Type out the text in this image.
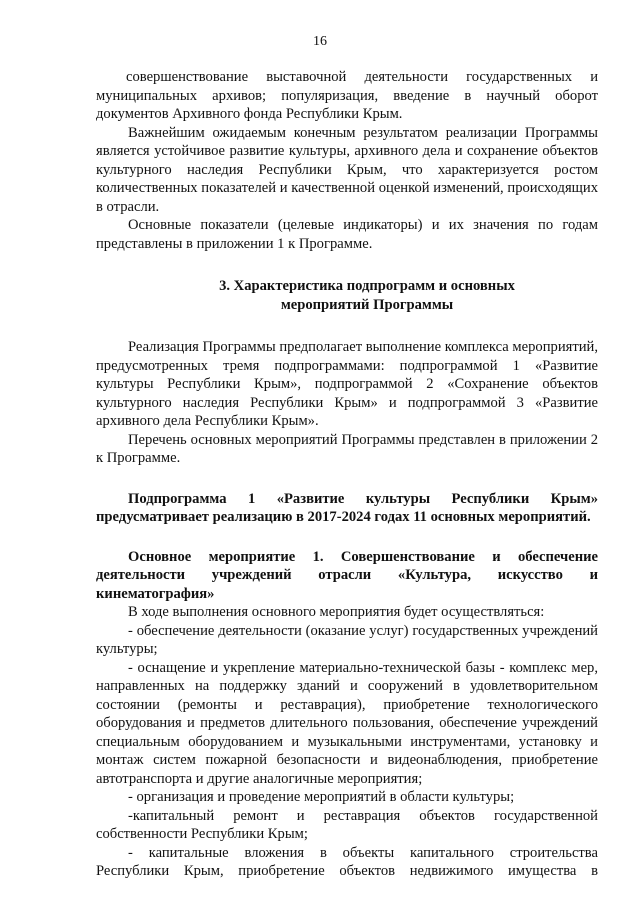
16

совершенствование выставочной деятельности государственных и муниципальных архивов; популяризация, введение в научный оборот документов Архивного фонда Республики Крым.

Важнейшим ожидаемым конечным результатом реализации Программы является устойчивое развитие культуры, архивного дела и сохранение объектов культурного наследия Республики Крым, что характеризуется ростом количественных показателей и качественной оценкой изменений, происходящих в отрасли.

Основные показатели (целевые индикаторы) и их значения по годам представлены в приложении 1 к Программе.

3. Характеристика подпрограмм и основных

мероприятий Программы

Реализация Программы предполагает выполнение комплекса мероприятий, предусмотренных тремя подпрограммами: подпрограммой 1 «Развитие культуры Республики Крым», подпрограммой 2 «Сохранение объектов культурного наследия Республики Крым» и подпрограммой 3 «Развитие архивного дела Республики Крым».

Перечень основных мероприятий Программы представлен в приложении 2 к Программе.

Подпрограмма 1 «Развитие культуры Республики Крым» предусматривает реализацию в 2017-2024 годах 11 основных мероприятий.

Основное мероприятие 1. Совершенствование и обеспечение деятельности учреждений отрасли «Культура, искусство и кинематография»

В ходе выполнения основного мероприятия будет осуществляться:

- обеспечение деятельности (оказание услуг) государственных учреждений культуры;

- оснащение и укрепление материально-технической базы - комплекс мер, направленных на поддержку зданий и сооружений в удовлетворительном состоянии (ремонты и реставрация), приобретение технологического оборудования и предметов длительного пользования, обеспечение учреждений специальным оборудованием и музыкальными инструментами, установку и монтаж систем пожарной безопасности и видеонаблюдения, приобретение автотранспорта и другие аналогичные мероприятия;

- организация и проведение мероприятий в области культуры;

-капитальный ремонт и реставрация объектов государственной собственности Республики Крым;

- капитальные вложения в объекты капитального строительства Республики Крым, приобретение объектов недвижимого имущества в
